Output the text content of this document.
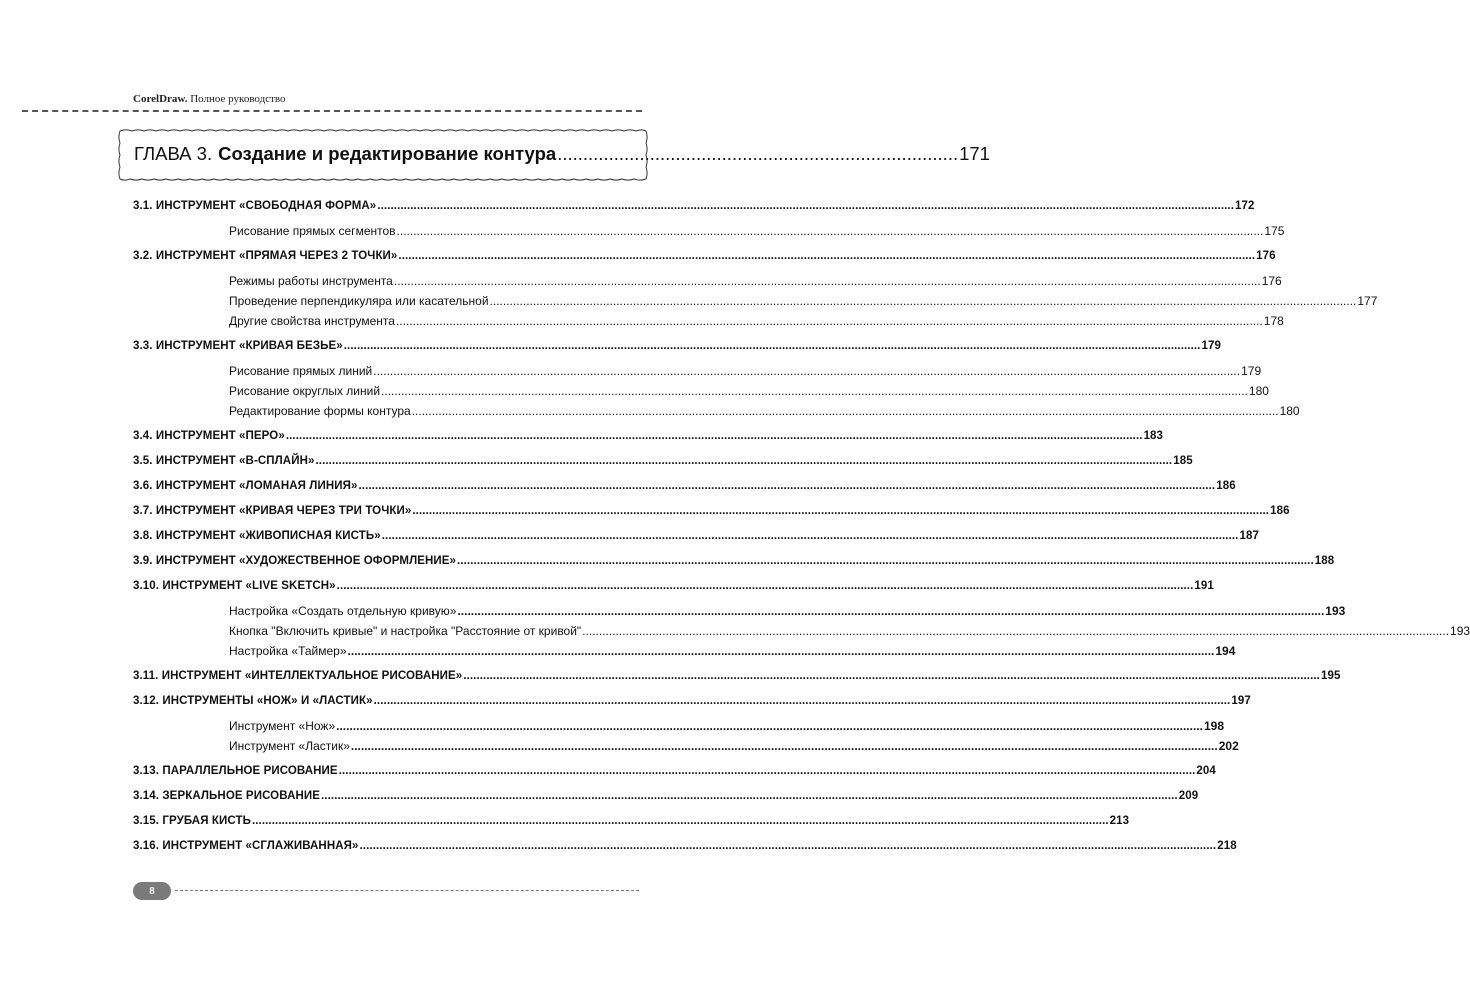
CorelDraw. Полное руководство
ГЛАВА 3. Создание и редактирование контура .............................................................................. 171
3.1. ИНСТРУМЕНТ «СВОБОДНАЯ ФОРМА» .................................................................................................................................................................................................................................................................... 172
Рисование прямых сегментов .................................................................................................................................................................................................................................................................... 175
3.2. ИНСТРУМЕНТ «ПРЯМАЯ ЧЕРЕЗ 2 ТОЧКИ» .................................................................................................................................................................................................................................................................... 176
Режимы работы инструмента .................................................................................................................................................................................................................................................................... 176
Проведение перпендикуляра или касательной .................................................................................................................................................................................................................................................................... 177
Другие свойства инструмента .................................................................................................................................................................................................................................................................... 178
3.3. ИНСТРУМЕНТ «КРИВАЯ БЕЗЬЕ» .................................................................................................................................................................................................................................................................... 179
Рисование прямых линий .................................................................................................................................................................................................................................................................... 179
Рисование округлых линий .................................................................................................................................................................................................................................................................... 180
Редактирование формы контура .................................................................................................................................................................................................................................................................... 180
3.4. ИНСТРУМЕНТ «ПЕРО» .................................................................................................................................................................................................................................................................... 183
3.5. ИНСТРУМЕНТ «B-СПЛАЙН» .................................................................................................................................................................................................................................................................... 185
3.6. ИНСТРУМЕНТ «ЛОМАНАЯ ЛИНИЯ» .................................................................................................................................................................................................................................................................... 186
3.7. ИНСТРУМЕНТ «КРИВАЯ ЧЕРЕЗ ТРИ ТОЧКИ» .................................................................................................................................................................................................................................................................... 186
3.8. ИНСТРУМЕНТ «ЖИВОПИСНАЯ КИСТЬ» .................................................................................................................................................................................................................................................................... 187
3.9. ИНСТРУМЕНТ «ХУДОЖЕСТВЕННОЕ ОФОРМЛЕНИЕ» .................................................................................................................................................................................................................................................................... 188
3.10. ИНСТРУМЕНТ «LIVE SKETCH» .................................................................................................................................................................................................................................................................... 191
Настройка «Создать отдельную кривую» .................................................................................................................................................................................................................................................................... 193
Кнопка "Включить кривые" и настройка "Расстояние от кривой" .................................................................................................................................................................................................................................................................... 193
Настройка «Таймер» .................................................................................................................................................................................................................................................................... 194
3.11. ИНСТРУМЕНТ «ИНТЕЛЛЕКТУАЛЬНОЕ РИСОВАНИЕ» .................................................................................................................................................................................................................................................................... 195
3.12. ИНСТРУМЕНТЫ «НОЖ» И «ЛАСТИК» .................................................................................................................................................................................................................................................................... 197
Инструмент «Нож» .................................................................................................................................................................................................................................................................... 198
Инструмент «Ластик» .................................................................................................................................................................................................................................................................... 202
3.13. ПАРАЛЛЕЛЬНОЕ РИСОВАНИЕ .................................................................................................................................................................................................................................................................... 204
3.14. ЗЕРКАЛЬНОЕ РИСОВАНИЕ .................................................................................................................................................................................................................................................................... 209
3.15. ГРУБАЯ КИСТЬ .................................................................................................................................................................................................................................................................... 213
3.16. ИНСТРУМЕНТ «СГЛАЖИВАННАЯ» .................................................................................................................................................................................................................................................................... 218
8
